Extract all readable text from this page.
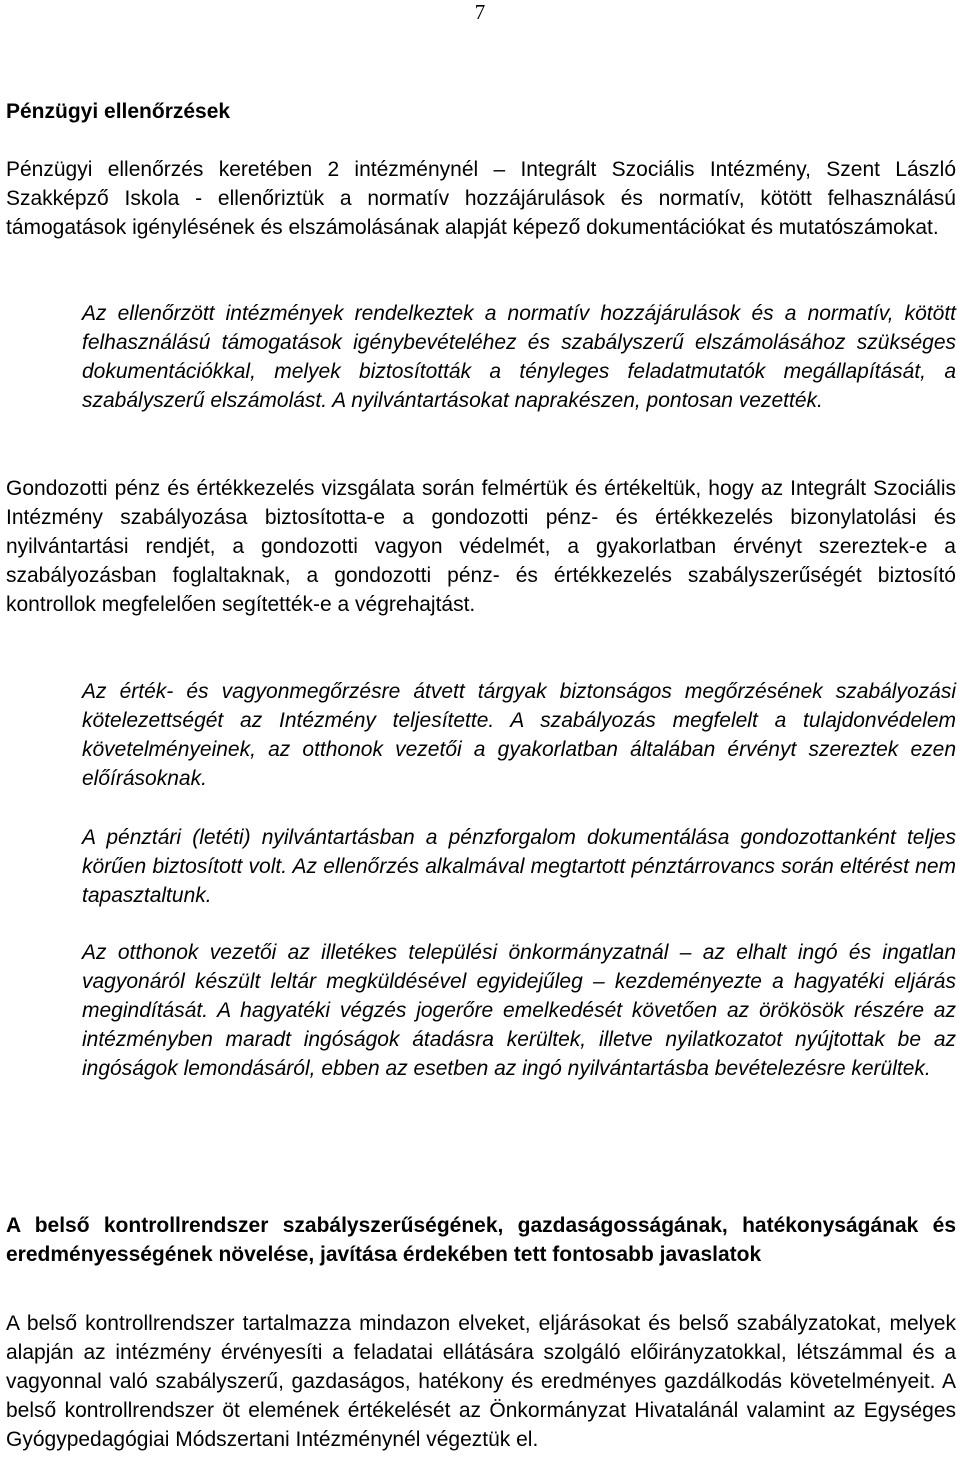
7

Pénzügyi ellenőrzések

Pénzügyi ellenőrzés keretében 2 intézménynél – Integrált Szociális Intézmény, Szent László Szakképző Iskola - ellenőriztük a normatív hozzájárulások és normatív, kötött felhasználású támogatások igénylésének és elszámolásának alapját képező dokumentációkat és mutatószámokat.

Az ellenőrzött intézmények rendelkeztek a normatív hozzájárulások és a normatív, kötött felhasználású támogatások igénybevételéhez és szabályszerű elszámolásához szükséges dokumentációkkal, melyek biztosították a tényleges feladatmutatók megállapítását, a szabályszerű elszámolást. A nyilvántartásokat naprakészen, pontosan vezették.

Gondozotti pénz és értékkezelés vizsgálata során felmértük és értékeltük, hogy az Integrált Szociális Intézmény szabályozása biztosította-e a gondozotti pénz- és értékkezelés bizonylatolási és nyilvántartási rendjét, a gondozotti vagyon védelmét, a gyakorlatban érvényt szereztek-e a szabályozásban foglaltaknak, a gondozotti pénz- és értékkezelés szabályszerűségét biztosító kontrollok megfelelően segítették-e a végrehajtást.

Az érték- és vagyonmegőrzésre átvett tárgyak biztonságos megőrzésének szabályozási kötelezettségét az Intézmény teljesítette. A szabályozás megfelelt a tulajdonvédelem követelményeinek, az otthonok vezetői a gyakorlatban általában érvényt szereztek ezen előírásoknak.

A pénztári (letéti) nyilvántartásban a pénzforgalom dokumentálása gondozottanként teljes körűen biztosított volt. Az ellenőrzés alkalmával megtartott pénztárrovancs során eltérést nem tapasztaltunk.

Az otthonok vezetői az illetékes települési önkormányzatnál – az elhalt ingó és ingatlan vagyonáról készült leltár megküldésével egyidejűleg – kezdeményezte a hagyatéki eljárás megindítását. A hagyatéki végzés jogerőre emelkedését követően az örökösök részére az intézményben maradt ingóságok átadásra kerültek, illetve nyilatkozatot nyújtottak be az ingóságok lemondásáról, ebben az esetben az ingó nyilvántartásba bevételezésre kerültek.

A belső kontrollrendszer szabályszerűségének, gazdaságosságának, hatékonyságának és eredményességének növelése, javítása érdekében tett fontosabb javaslatok

A belső kontrollrendszer tartalmazza mindazon elveket, eljárásokat és belső szabályzatokat, melyek alapján az intézmény érvényesíti a feladatai ellátására szolgáló előirányzatokkal, létszámmal és a vagyonnal való szabályszerű, gazdaságos, hatékony és eredményes gazdálkodás követelményeit. A belső kontrollrendszer öt elemének értékelését az Önkormányzat Hivatalánál valamint az Egységes Gyógypedagógiai Módszertani Intézménynél végeztük el.
